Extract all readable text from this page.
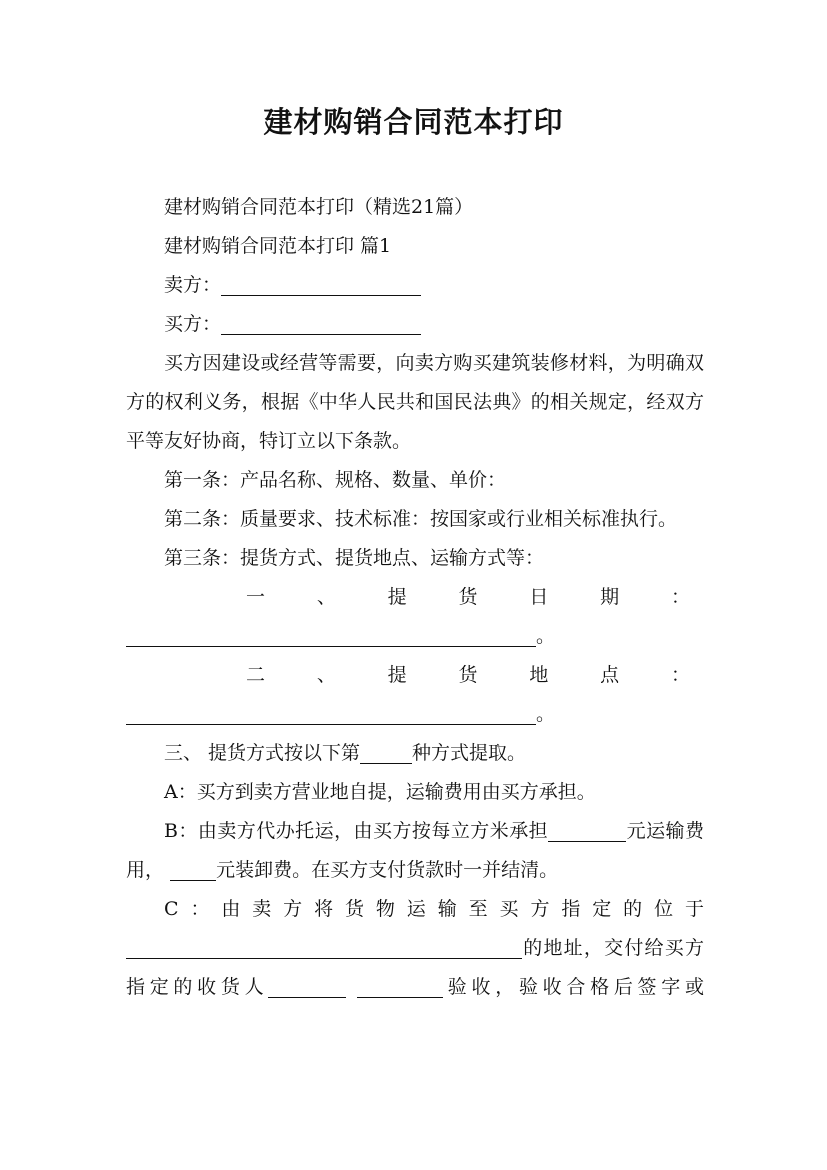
建材购销合同范本打印

建材购销合同范本打印（精选21篇）

建材购销合同范本打印 篇1

卖方：

买方：

买方因建设或经营等需要，向卖方购买建筑装修材料，为明确双方的权利义务，根据《中华人民共和国民法典》的相关规定，经双方平等友好协商，特订立以下条款。

第一条：产品名称、规格、数量、单价：

第二条：质量要求、技术标准：按国家或行业相关标准执行。

第三条：提货方式、提货地点、运输方式等：

一	、	提	货	日	期	：

。

二	、	提	货	地	点	：

。

三、 提货方式按以下第	种方式提取。

A：买方到卖方营业地自提，运输费用由买方承担。

B：由卖方代办托运，由买方按每立方米承担	元运输费用，	元装卸费。在买方支付货款时一并结清。

C：由卖方将货物运输至买方指定的位于的地址，交付给买方指定的收货人	验收，验收合格后签字或
